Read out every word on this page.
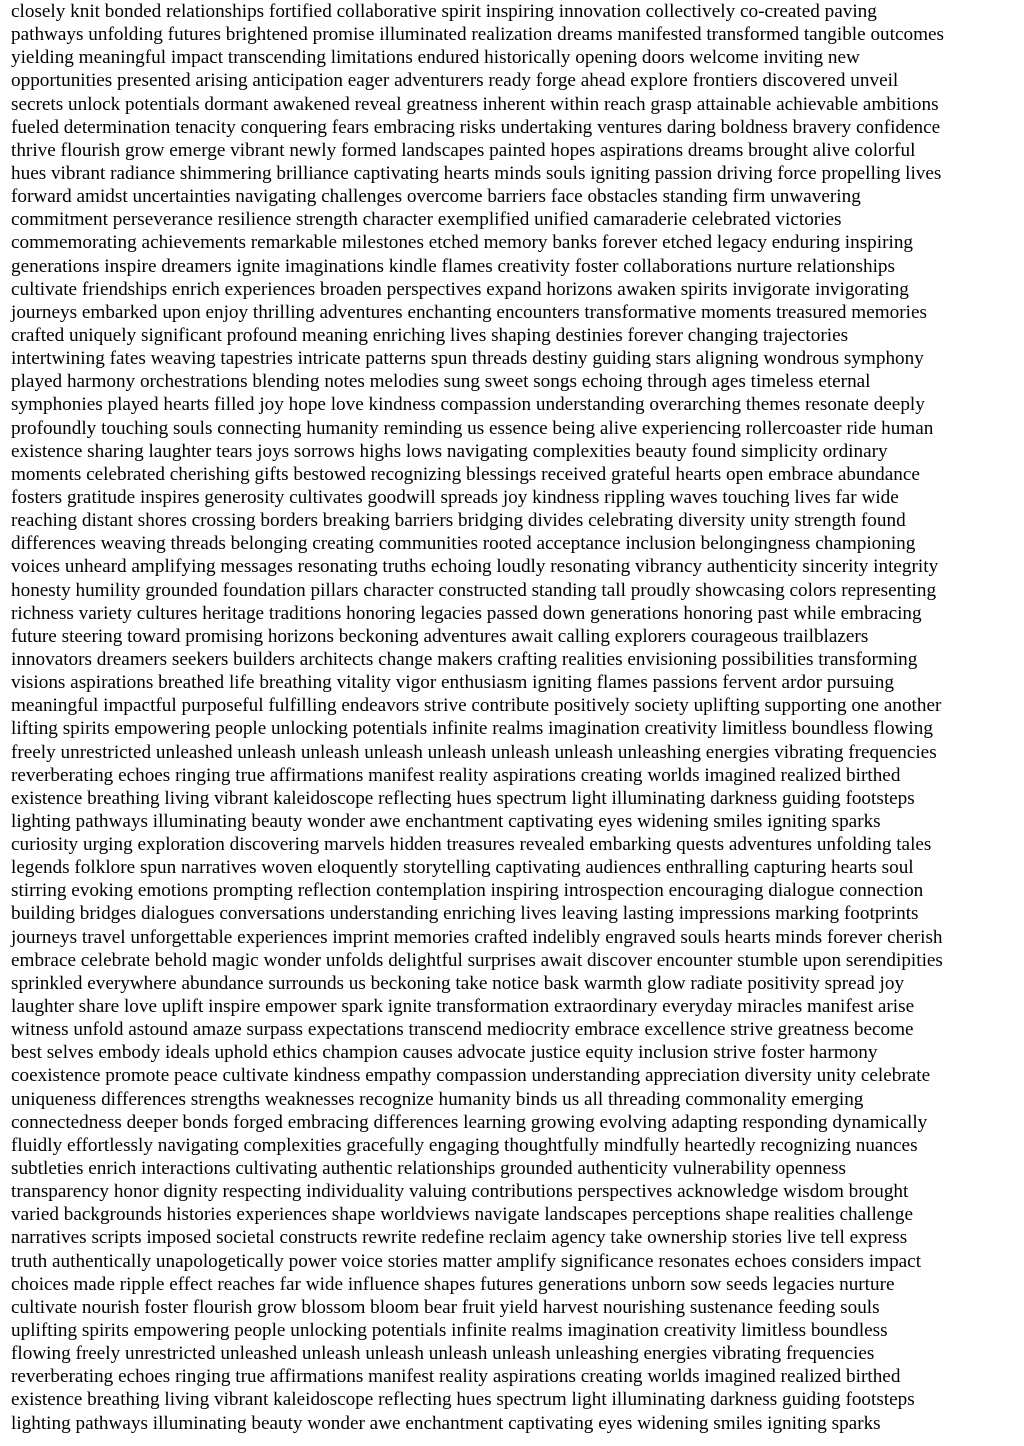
closely knit bonded relationships fortified collaborative spirit inspiring innovation collectively co-created paving
pathways unfolding futures brightened promise illuminated realization dreams manifested transformed tangible outcomes
yielding meaningful impact transcending limitations endured historically opening doors welcome inviting new
opportunities presented arising anticipation eager adventurers ready forge ahead explore frontiers discovered unveil
secrets unlock potentials dormant awakened reveal greatness inherent within reach grasp attainable achievable ambitions
fueled determination tenacity conquering fears embracing risks undertaking ventures daring boldness bravery confidence
thrive flourish grow emerge vibrant newly formed landscapes painted hopes aspirations dreams brought alive colorful
hues vibrant radiance shimmering brilliance captivating hearts minds souls igniting passion driving force propelling lives
forward amidst uncertainties navigating challenges overcome barriers face obstacles standing firm unwavering
commitment perseverance resilience strength character exemplified unified camaraderie celebrated victories
commemorating achievements remarkable milestones etched memory banks forever etched legacy enduring inspiring
generations inspire dreamers ignite imaginations kindle flames creativity foster collaborations nurture relationships
cultivate friendships enrich experiences broaden perspectives expand horizons awaken spirits invigorate invigorating
journeys embarked upon enjoy thrilling adventures enchanting encounters transformative moments treasured memories
crafted uniquely significant profound meaning enriching lives shaping destinies forever changing trajectories
intertwining fates weaving tapestries intricate patterns spun threads destiny guiding stars aligning wondrous symphony
played harmony orchestrations blending notes melodies sung sweet songs echoing through ages timeless eternal
symphonies played hearts filled joy hope love kindness compassion understanding overarching themes resonate deeply
profoundly touching souls connecting humanity reminding us essence being alive experiencing rollercoaster ride human
existence sharing laughter tears joys sorrows highs lows navigating complexities beauty found simplicity ordinary
moments celebrated cherishing gifts bestowed recognizing blessings received grateful hearts open embrace abundance
fosters gratitude inspires generosity cultivates goodwill spreads joy kindness rippling waves touching lives far wide
reaching distant shores crossing borders breaking barriers bridging divides celebrating diversity unity strength found
differences weaving threads belonging creating communities rooted acceptance inclusion belongingness championing
voices unheard amplifying messages resonating truths echoing loudly resonating vibrancy authenticity sincerity integrity
honesty humility grounded foundation pillars character constructed standing tall proudly showcasing colors representing
richness variety cultures heritage traditions honoring legacies passed down generations honoring past while embracing
future steering toward promising horizons beckoning adventures await calling explorers courageous trailblazers
innovators dreamers seekers builders architects change makers crafting realities envisioning possibilities transforming
visions aspirations breathed life breathing vitality vigor enthusiasm igniting flames passions fervent ardor pursuing
meaningful impactful purposeful fulfilling endeavors strive contribute positively society uplifting supporting one another
lifting spirits empowering people unlocking potentials infinite realms imagination creativity limitless boundless flowing
freely unrestricted unleashed unleash unleash unleash unleash unleash unleash unleashing energies vibrating frequencies
reverberating echoes ringing true affirmations manifest reality aspirations creating worlds imagined realized birthed
existence breathing living vibrant kaleidoscope reflecting hues spectrum light illuminating darkness guiding footsteps
lighting pathways illuminating beauty wonder awe enchantment captivating eyes widening smiles igniting sparks
curiosity urging exploration discovering marvels hidden treasures revealed embarking quests adventures unfolding tales
legends folklore spun narratives woven eloquently storytelling captivating audiences enthralling capturing hearts soul
stirring evoking emotions prompting reflection contemplation inspiring introspection encouraging dialogue connection
building bridges dialogues conversations understanding enriching lives leaving lasting impressions marking footprints
journeys travel unforgettable experiences imprint memories crafted indelibly engraved souls hearts minds forever cherish
embrace celebrate behold magic wonder unfolds delightful surprises await discover encounter stumble upon serendipities
sprinkled everywhere abundance surrounds us beckoning take notice bask warmth glow radiate positivity spread joy
laughter share love uplift inspire empower spark ignite transformation extraordinary everyday miracles manifest arise
witness unfold astound amaze surpass expectations transcend mediocrity embrace excellence strive greatness become
best selves embody ideals uphold ethics champion causes advocate justice equity inclusion strive foster harmony
coexistence promote peace cultivate kindness empathy compassion understanding appreciation diversity unity celebrate
uniqueness differences strengths weaknesses recognize humanity binds us all threading commonality emerging
connectedness deeper bonds forged embracing differences learning growing evolving adapting responding dynamically
fluidly effortlessly navigating complexities gracefully engaging thoughtfully mindfully heartedly recognizing nuances
subtleties enrich interactions cultivating authentic relationships grounded authenticity vulnerability openness
transparency honor dignity respecting individuality valuing contributions perspectives acknowledge wisdom brought
varied backgrounds histories experiences shape worldviews navigate landscapes perceptions shape realities challenge
narratives scripts imposed societal constructs rewrite redefine reclaim agency take ownership stories live tell express
truth authentically unapologetically power voice stories matter amplify significance resonates echoes considers impact
choices made ripple effect reaches far wide influence shapes futures generations unborn sow seeds legacies nurture
cultivate nourish foster flourish grow blossom bloom bear fruit yield harvest nourishing sustenance feeding souls
uplifting spirits empowering people unlocking potentials infinite realms imagination creativity limitless boundless
flowing freely unrestricted unleashed unleash unleash unleash unleash unleashing energies vibrating frequencies
reverberating echoes ringing true affirmations manifest reality aspirations creating worlds imagined realized birthed
existence breathing living vibrant kaleidoscope reflecting hues spectrum light illuminating darkness guiding footsteps
lighting pathways illuminating beauty wonder awe enchantment captivating eyes widening smiles igniting sparks
